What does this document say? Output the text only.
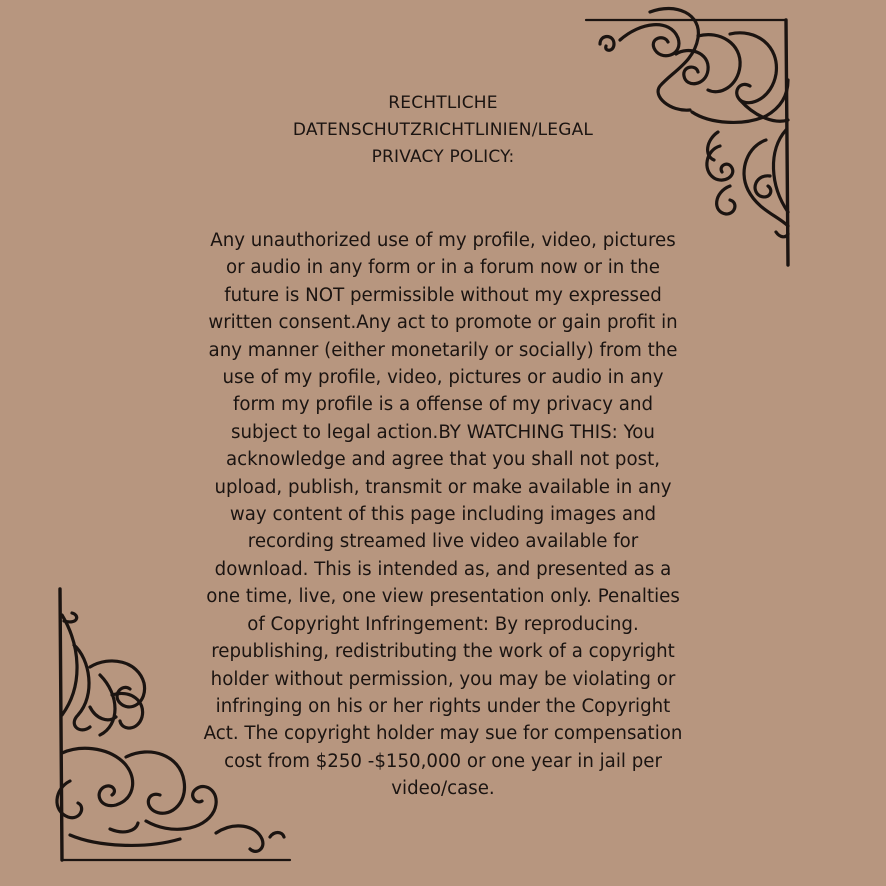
RECHTLICHE
DATENSCHUTZRICHTLINIEN/LEGAL
PRIVACY POLICY:
Any unauthorized use of my profile, video, pictures
or audio in any form or in a forum now or in the
future is NOT permissible without my expressed
written consent.Any act to promote or gain profit in
any manner (either monetarily or socially) from the
use of my profile, video, pictures or audio in any
form my profile is a offense of my privacy and
subject to legal action.BY WATCHING THIS: You
acknowledge and agree that you shall not post,
upload, publish, transmit or make available in any
way content of this page including images and
recording streamed live video available for
download. This is intended as, and presented as a
one time, live, one view presentation only. Penalties
of Copyright Infringement: By reproducing.
republishing, redistributing the work of a copyright
holder without permission, you may be violating or
infringing on his or her rights under the Copyright
Act. The copyright holder may sue for compensation
cost from $250 -$150,000 or one year in jail per
video/case.
